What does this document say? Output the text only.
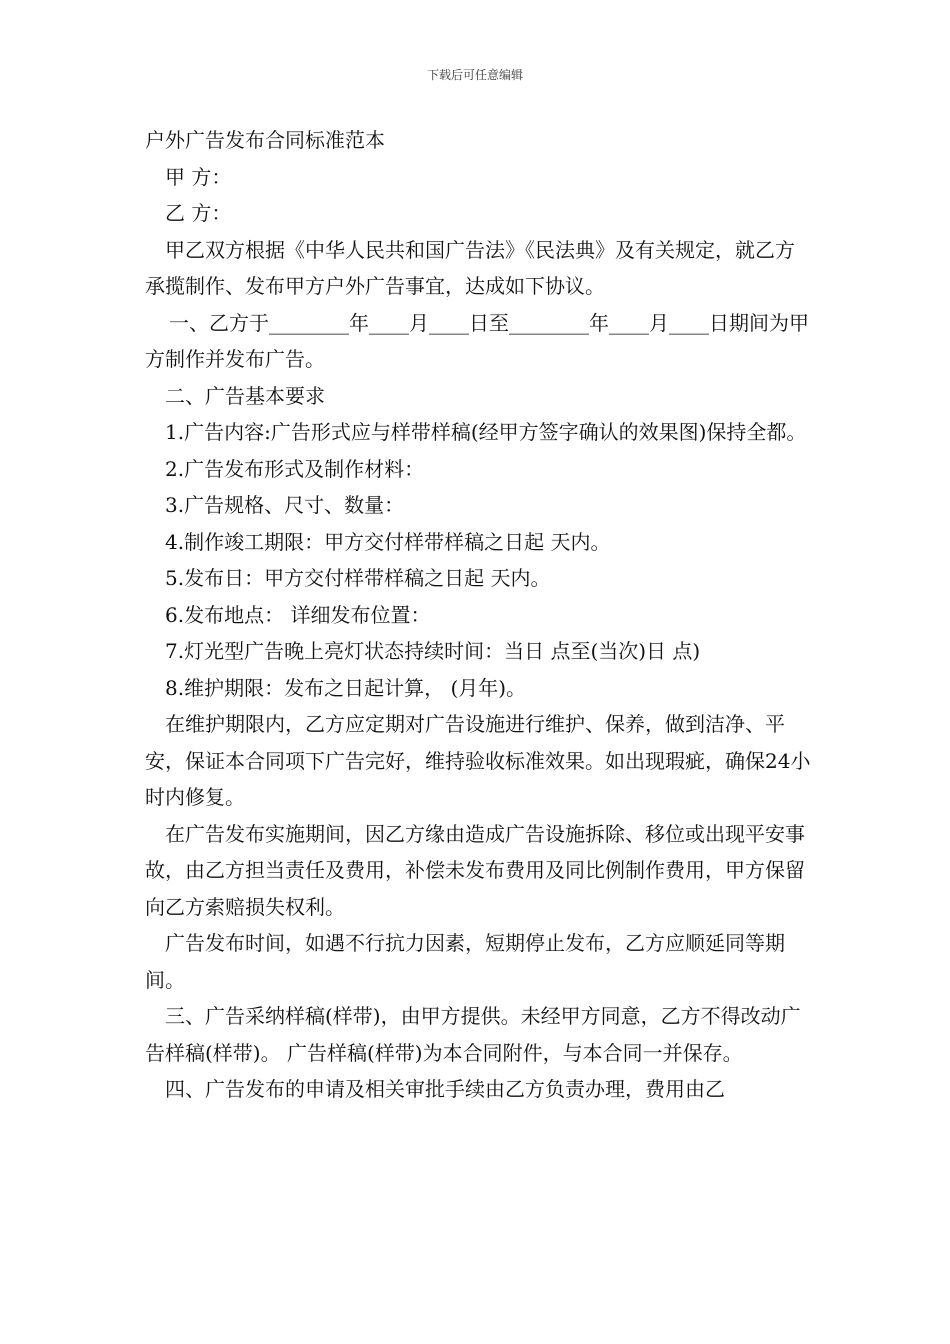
下载后可任意编辑

户外广告发布合同标准范本

甲 方：

乙 方：

甲乙双方根据《中华人民共和国广告法》《民法典》及有关规定，就乙方承揽制作、发布甲方户外广告事宜，达成如下协议。

一、乙方于________年____月____日至________年____月____日期间为甲方制作并发布广告。

二、广告基本要求

1.广告内容:广告形式应与样带样稿(经甲方签字确认的效果图)保持全都。

2.广告发布形式及制作材料：

3.广告规格、尺寸、数量：

4.制作竣工期限：甲方交付样带样稿之日起 天内。

5.发布日：甲方交付样带样稿之日起 天内。

6.发布地点： 详细发布位置：

7.灯光型广告晚上亮灯状态持续时间：当日 点至(当次)日 点)

8.维护期限：发布之日起计算， (月年)。

在维护期限内，乙方应定期对广告设施进行维护、保养，做到洁净、平安，保证本合同项下广告完好，维持验收标准效果。如出现瑕疵，确保24小时内修复。

在广告发布实施期间，因乙方缘由造成广告设施拆除、移位或出现平安事故，由乙方担当责任及费用，补偿未发布费用及同比例制作费用，甲方保留向乙方索赔损失权利。

广告发布时间，如遇不行抗力因素，短期停止发布，乙方应顺延同等期间。

三、广告采纳样稿(样带)，由甲方提供。未经甲方同意，乙方不得改动广告样稿(样带)。 广告样稿(样带)为本合同附件，与本合同一并保存。

四、广告发布的申请及相关审批手续由乙方负责办理，费用由乙
